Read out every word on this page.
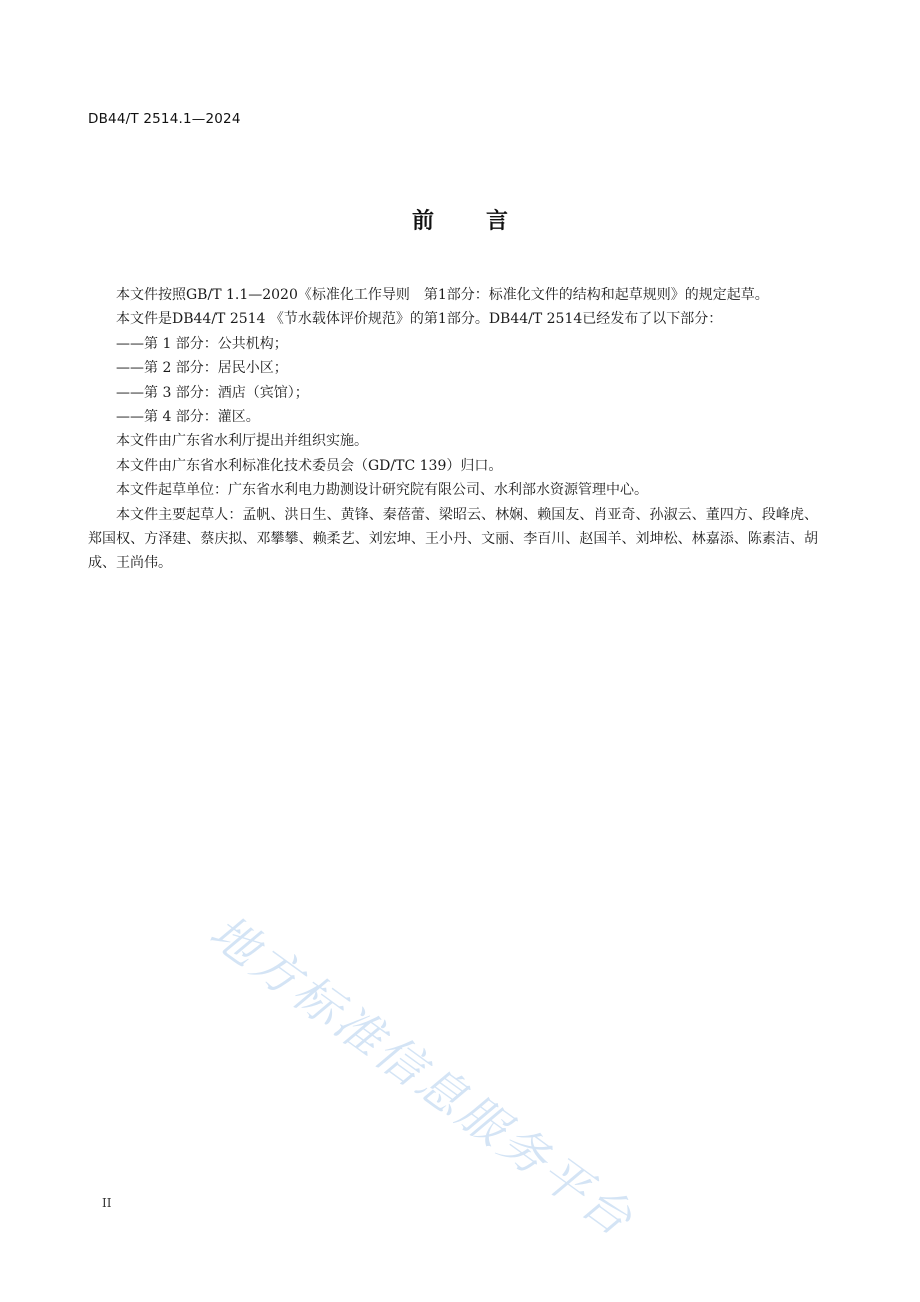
DB44/T 2514.1—2024
前言

本文件按照GB/T 1.1—2020《标准化工作导则　第1部分：标准化文件的结构和起草规则》的规定起草。

本文件是DB44/T 2514 《节水载体评价规范》的第1部分。DB44/T 2514已经发布了以下部分：

——第 1 部分：公共机构；

——第 2 部分：居民小区；

——第 3 部分：酒店（宾馆）；

——第 4 部分：灌区。

本文件由广东省水利厅提出并组织实施。

本文件由广东省水利标准化技术委员会（GD/TC 139）归口。

本文件起草单位：广东省水利电力勘测设计研究院有限公司、水利部水资源管理中心。

本文件主要起草人：孟帆、洪日生、黄锋、秦蓓蕾、梁昭云、林娴、赖国友、肖亚奇、孙淑云、董四方、段峰虎、郑国权、方泽建、蔡庆拟、邓攀攀、赖柔艺、刘宏坤、王小丹、文丽、李百川、赵国羊、刘坤松、林嘉添、陈素洁、胡成、王尚伟。

地方标准信息服务平台
II
